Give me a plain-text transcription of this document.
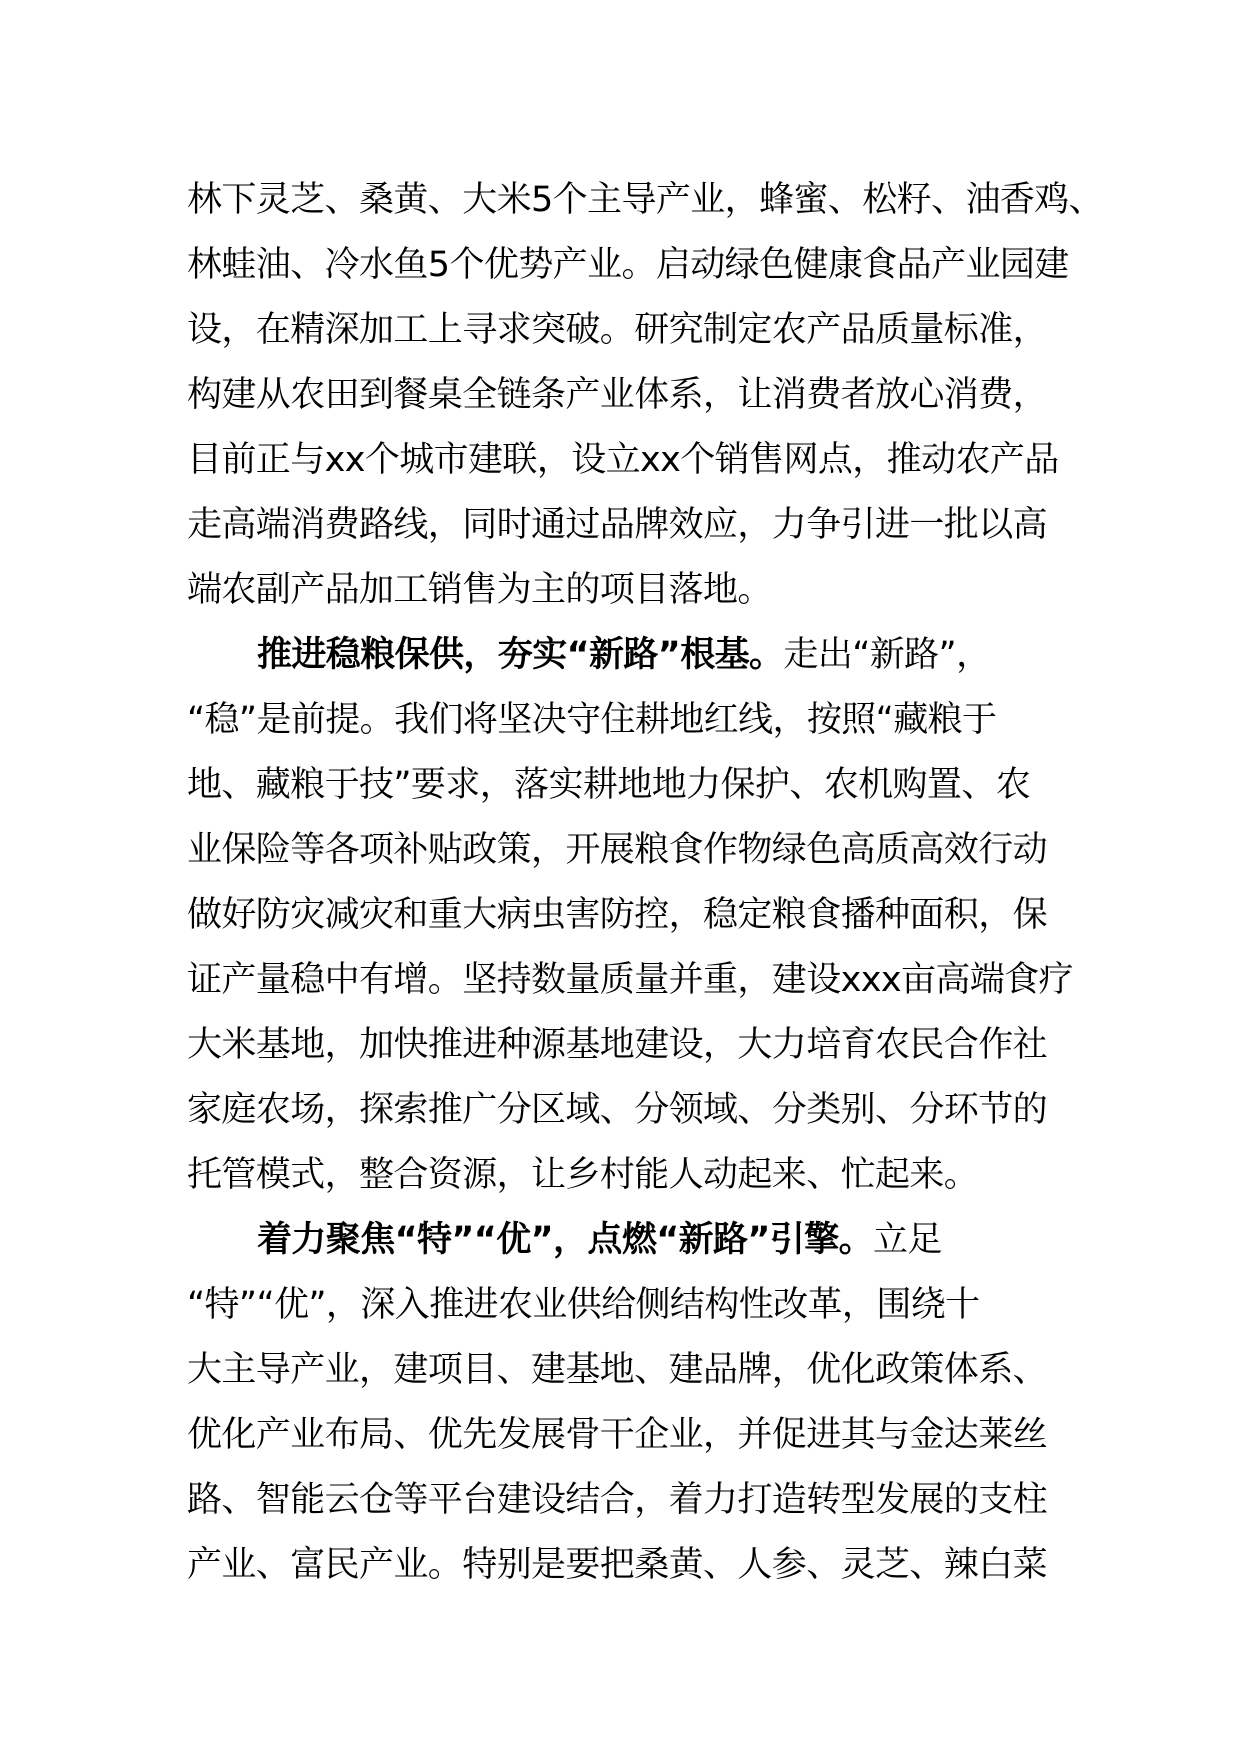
林下灵芝、桑黄、大米5个主导产业，蜂蜜、松籽、油香鸡、
林蛙油、冷水鱼5个优势产业。启动绿色健康食品产业园建
设，在精深加工上寻求突破。研究制定农产品质量标准，
构建从农田到餐桌全链条产业体系，让消费者放心消费，
目前正与xx个城市建联，设立xx个销售网点，推动农产品
走高端消费路线，同时通过品牌效应，力争引进一批以高
端农副产品加工销售为主的项目落地。
推进稳粮保供，夯实“新路”根基。走出“新路”，
“稳”是前提。我们将坚决守住耕地红线，按照“藏粮于
地、藏粮于技”要求，落实耕地地力保护、农机购置、农
业保险等各项补贴政策，开展粮食作物绿色高质高效行动
做好防灾减灾和重大病虫害防控，稳定粮食播种面积，保
证产量稳中有增。坚持数量质量并重，建设xxx亩高端食疗
大米基地，加快推进种源基地建设，大力培育农民合作社
家庭农场，探索推广分区域、分领域、分类别、分环节的
托管模式，整合资源，让乡村能人动起来、忙起来。
着力聚焦“特”“优”，点燃“新路”引擎。立足
“特”“优”，深入推进农业供给侧结构性改革，围绕十
大主导产业，建项目、建基地、建品牌，优化政策体系、
优化产业布局、优先发展骨干企业，并促进其与金达莱丝
路、智能云仓等平台建设结合，着力打造转型发展的支柱
产业、富民产业。特别是要把桑黄、人参、灵芝、辣白菜
